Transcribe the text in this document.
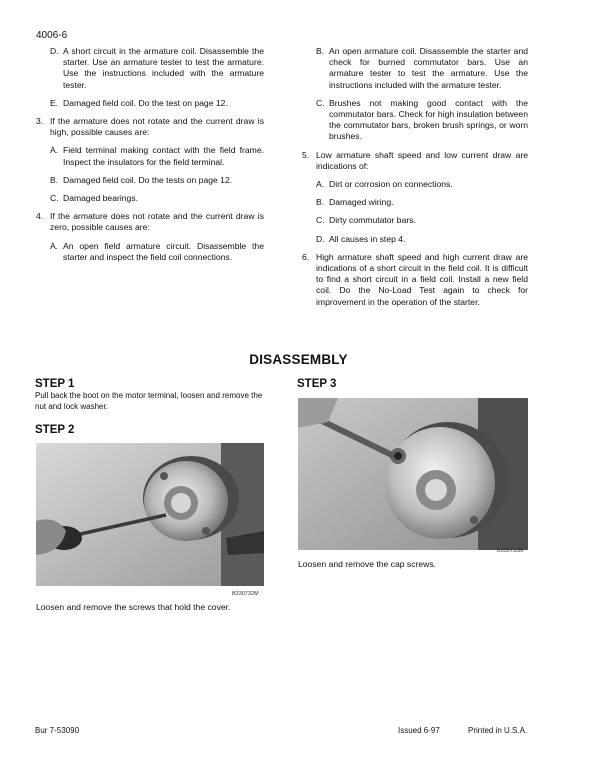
4006-6
D. A short circuit in the armature coil. Disassemble the starter. Use an armature tester to test the armature. Use the instructions included with the armature tester.
E. Damaged field coil. Do the test on page 12.
3. If the armature does not rotate and the current draw is high, possible causes are:
A. Field terminal making contact with the field frame. Inspect the insulators for the field terminal.
B. Damaged field coil. Do the tests on page 12.
C. Damaged bearings.
4. If the armature does not rotate and the current draw is zero, possible causes are:
A. An open field armature circuit. Disassemble the starter and inspect the field coil connections.
B. An open armature coil. Disassemble the starter and check for burned commutator bars. Use an armature tester to test the armature. Use the instructions included with the armature tester.
C. Brushes not making good contact with the commutator bars. Check for high insulation between the commutator bars, broken brush springs, or worn brushes.
5. Low armature shaft speed and low current draw are indications of:
A. Dirt or corrosion on connections.
B. Damaged wiring.
C. Dirty commutator bars.
D. All causes in step 4.
6. High armature shaft speed and high current draw are indications of a short circuit in the field coil. It is difficult to find a short circuit in a field coil. Install a new field coil. Do the No-Load Test again to check for improvement in the operation of the starter.
DISASSEMBLY
STEP 1
Pull back the boot on the motor terminal, loosen and remove the nut and lock washer.
STEP 2
B330732M
Loosen and remove the screws that hold the cover.
STEP 3
B330733M
Loosen and remove the cap screws.
Bur 7-53090	Issued 6-97	Printed in U.S.A.
